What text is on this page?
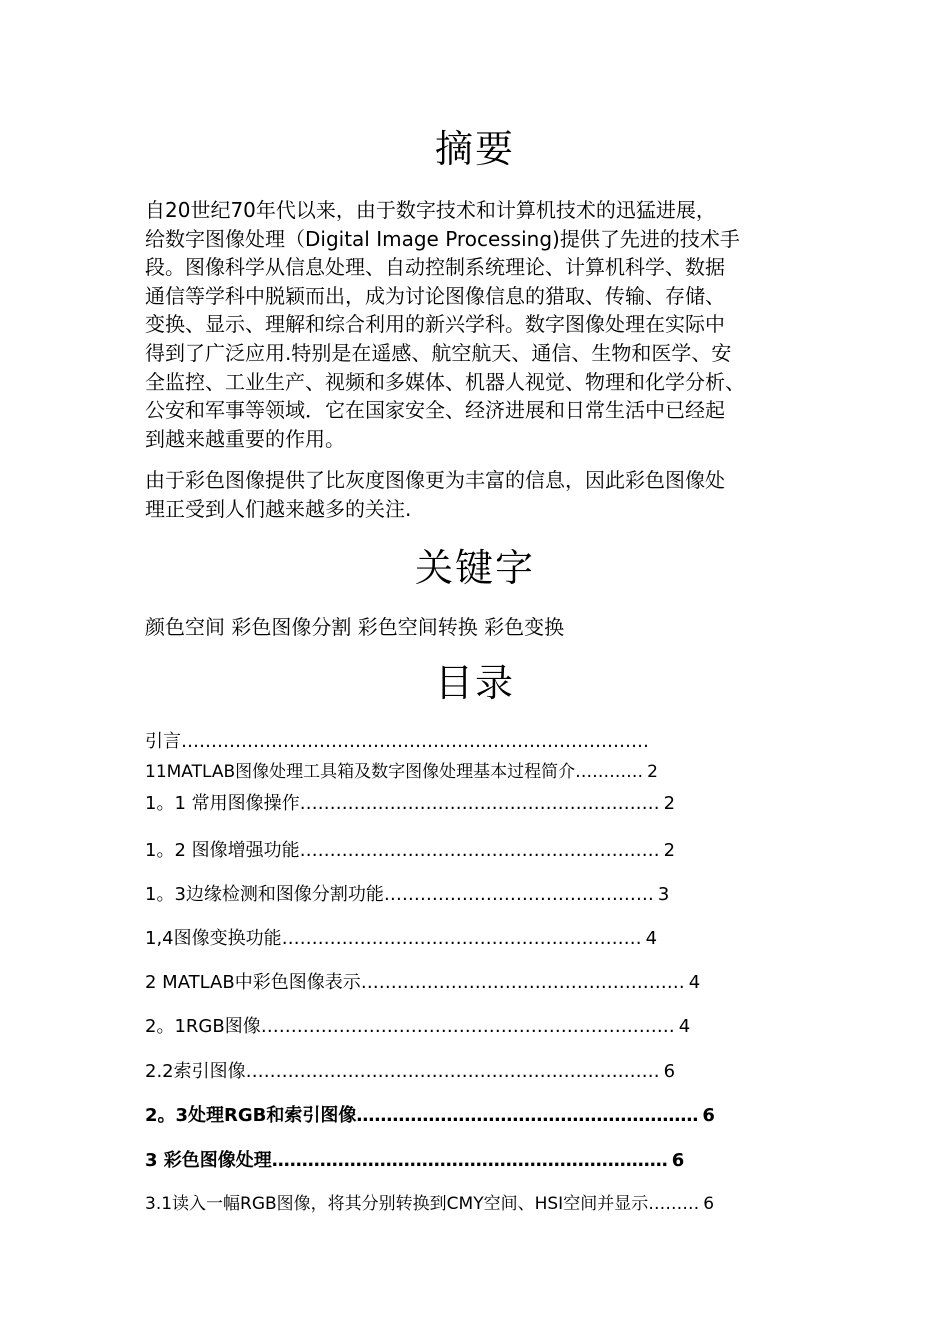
摘要
自20世纪70年代以来，由于数字技术和计算机技术的迅猛进展，
给数字图像处理（Digital Image Processing)提供了先进的技术手
段。图像科学从信息处理、自动控制系统理论、计算机科学、数据
通信等学科中脱颖而出，成为讨论图像信息的猎取、传输、存储、
变换、显示、理解和综合利用的新兴学科。数字图像处理在实际中
得到了广泛应用.特别是在遥感、航空航天、通信、生物和医学、安
全监控、工业生产、视频和多媒体、机器人视觉、物理和化学分析、
公安和军事等领域．它在国家安全、经济进展和日常生活中已经起
到越来越重要的作用。
由于彩色图像提供了比灰度图像更为丰富的信息，因此彩色图像处
理正受到人们越来越多的关注.
关键字
颜色空间 彩色图像分割 彩色空间转换 彩色变换
目录
引言……………………………………………………………………
11MATLAB图像处理工具箱及数字图像处理基本过程简介………… 2
1。1 常用图像操作…………………………………………………… 2
1。2 图像增强功能…………………………………………………… 2
1。3边缘检测和图像分割功能……………………………………… 3
1,4图像变换功能…………………………………………………… 4
2 MATLAB中彩色图像表示……………………………………………… 4
2。1RGB图像…………………………………………………………… 4
2.2索引图像…………………………………………………………… 6
2。3处理RGB和索引图像………………………………………………… 6
3 彩色图像处理………………………………………………………… 6
3.1读入一幅RGB图像，将其分别转换到CMY空间、HSI空间并显示……… 6
